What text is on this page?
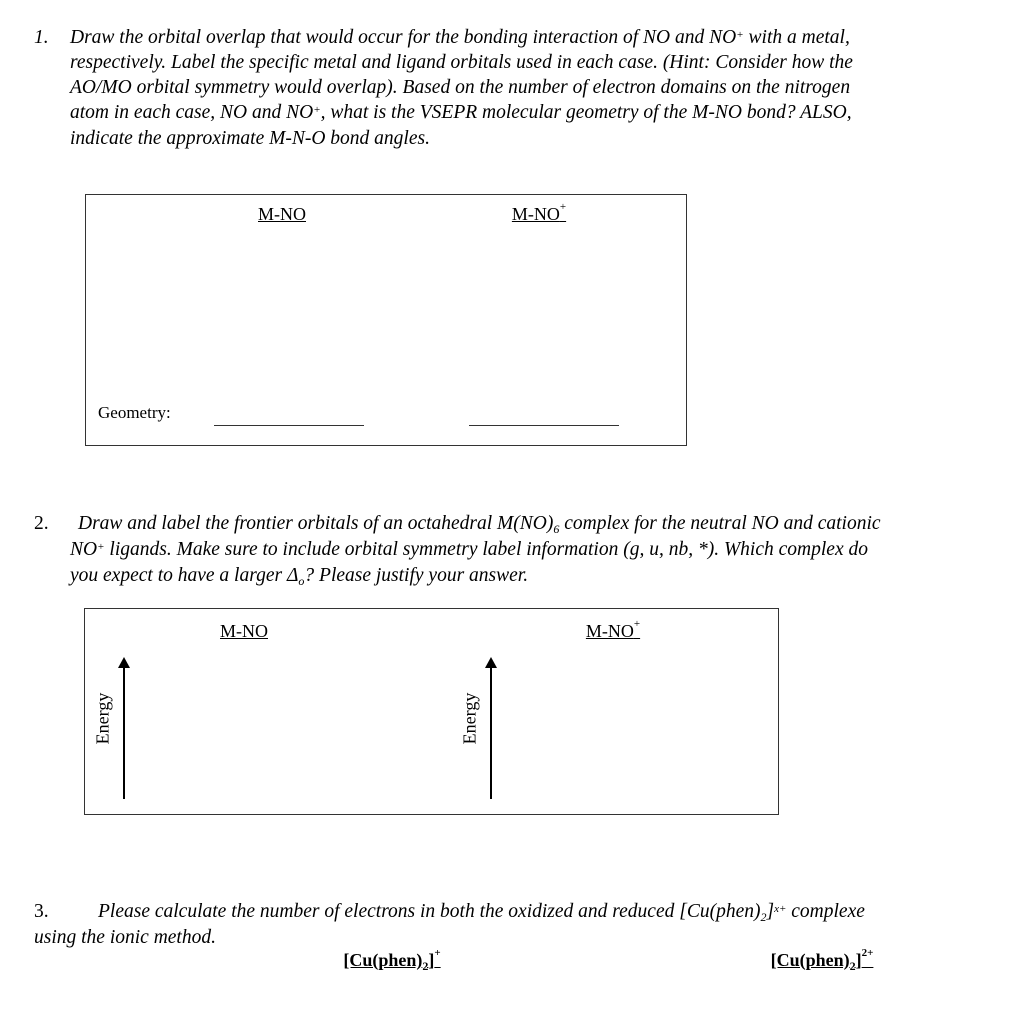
1. Draw the orbital overlap that would occur for the bonding interaction of NO and NO+ with a metal,
respectively. Label the specific metal and ligand orbitals used in each case. (Hint: Consider how the
AO/MO orbital symmetry would overlap). Based on the number of electron domains on the nitrogen
atom in each case, NO and NO+, what is the VSEPR molecular geometry of the M-NO bond? ALSO,
indicate the approximate M-N-O bond angles.
M-NO	M-NO+
Geometry:
2. Draw and label the frontier orbitals of an octahedral $M(NO)_6$ complex for the neutral NO and cationic
NO+ ligands. Make sure to include orbital symmetry label information (g, u, nb, *). Which complex do
you expect to have a larger $\Delta_o$? Please justify your answer.
M-NO	M-NO+
Energy	Energy
3.	Please calculate the number of electrons in both the oxidized and reduced $[Cu(phen)_2]^{x+}$ complexe
using the ionic method.
$[Cu(phen)_2]^+$	$[Cu(phen)_2]^{2+}$
